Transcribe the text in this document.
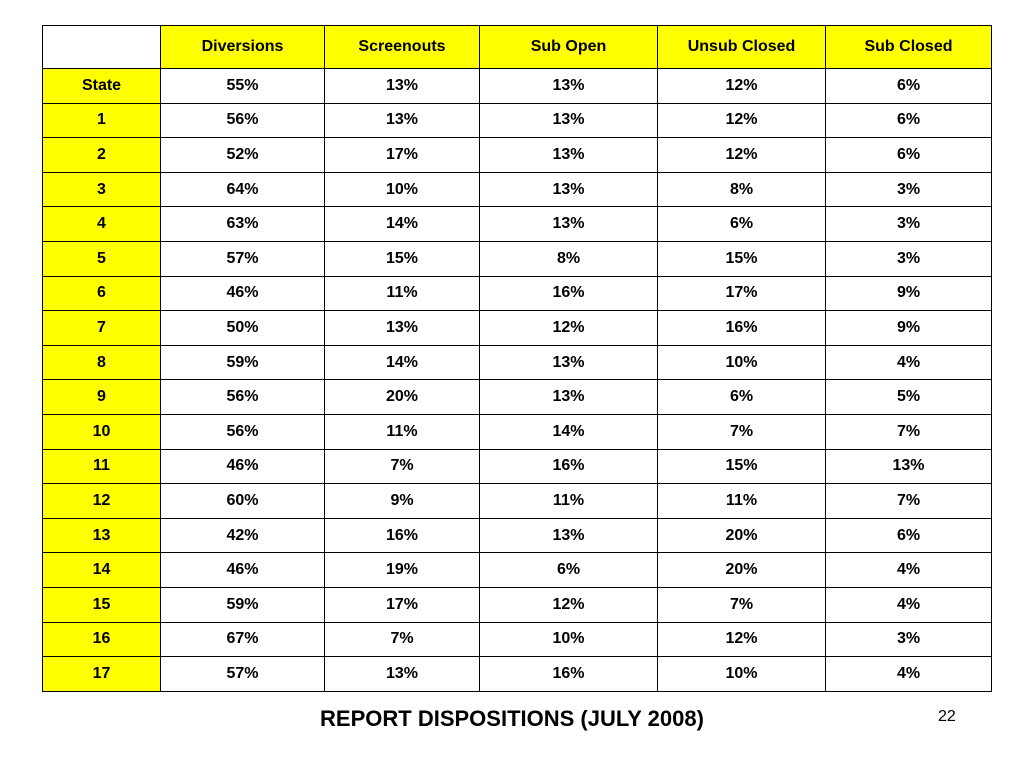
	Diversions	Screenouts	Sub Open	Unsub Closed	Sub Closed
State	55%	13%	13%	12%	6%
1	56%	13%	13%	12%	6%
2	52%	17%	13%	12%	6%
3	64%	10%	13%	8%	3%
4	63%	14%	13%	6%	3%
5	57%	15%	8%	15%	3%
6	46%	11%	16%	17%	9%
7	50%	13%	12%	16%	9%
8	59%	14%	13%	10%	4%
9	56%	20%	13%	6%	5%
10	56%	11%	14%	7%	7%
11	46%	7%	16%	15%	13%
12	60%	9%	11%	11%	7%
13	42%	16%	13%	20%	6%
14	46%	19%	6%	20%	4%
15	59%	17%	12%	7%	4%
16	67%	7%	10%	12%	3%
17	57%	13%	16%	10%	4%
REPORT DISPOSITIONS (JULY 2008)	22
